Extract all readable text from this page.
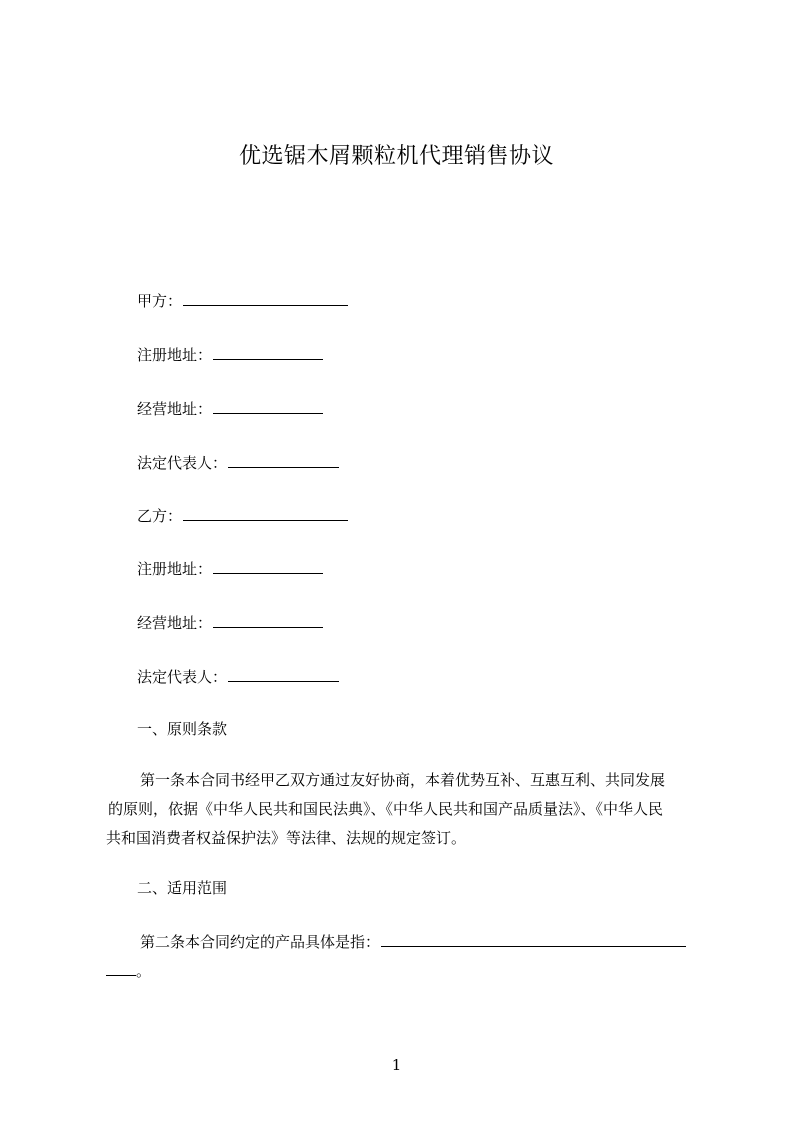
优选锯木屑颗粒机代理销售协议
甲方：
注册地址：
经营地址：
法定代表人：
乙方：
注册地址：
经营地址：
法定代表人：
一、原则条款
第一条本合同书经甲乙双方通过友好协商，本着优势互补、互惠互利、共同发展
的原则，依据《中华人民共和国民法典》、《中华人民共和国产品质量法》、《中华人民
共和国消费者权益保护法》等法律、法规的规定签订。
二、适用范围
第二条本合同约定的产品具体是指：
。
1
